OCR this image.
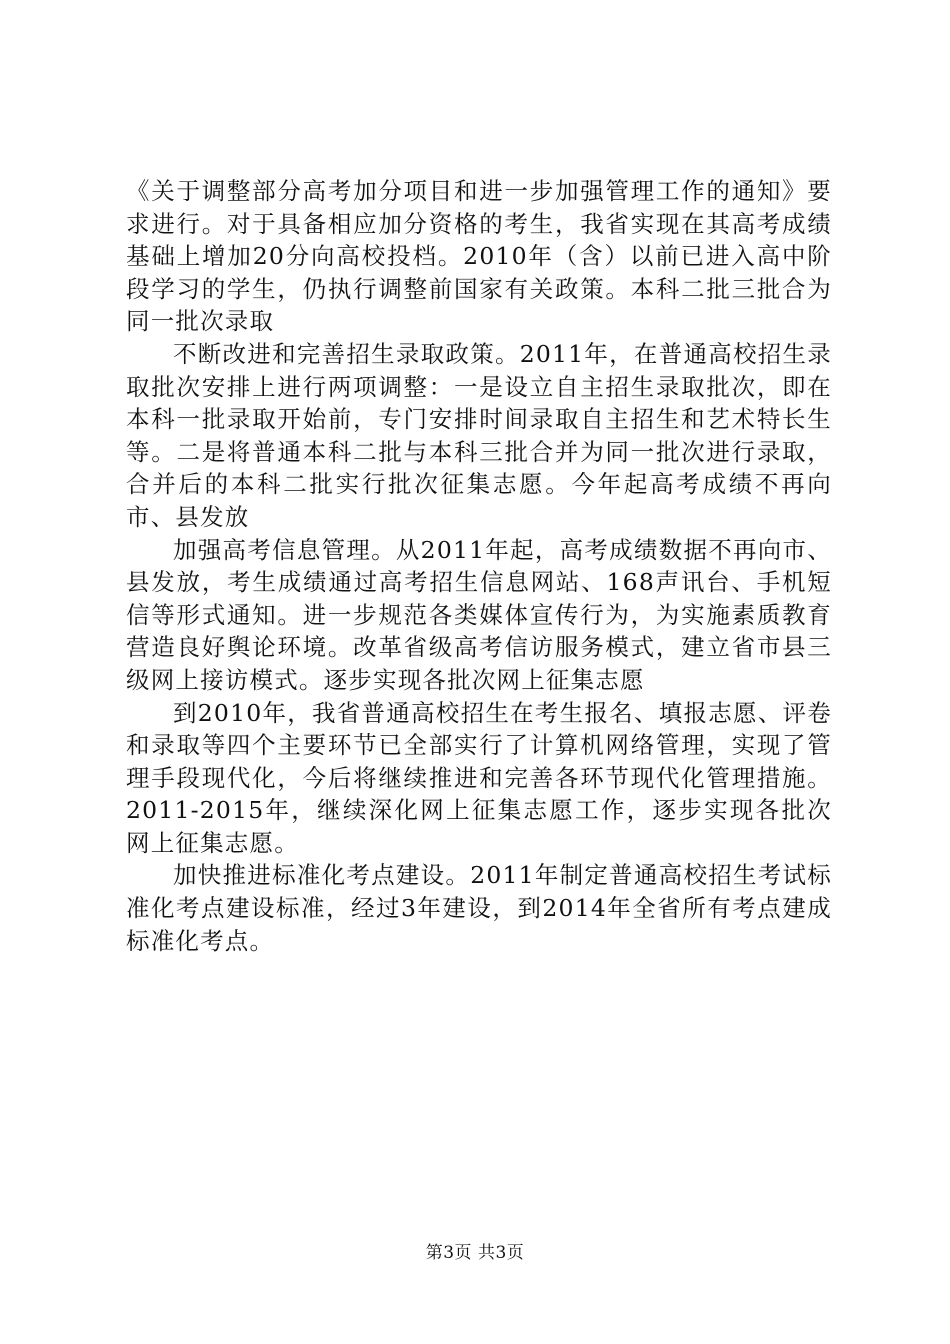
《关于调整部分高考加分项目和进一步加强管理工作的通知》要求进行。对于具备相应加分资格的考生，我省实现在其高考成绩基础上增加20分向高校投档。2010年（含）以前已进入高中阶段学习的学生，仍执行调整前国家有关政策。本科二批三批合为同一批次录取

不断改进和完善招生录取政策。2011年，在普通高校招生录取批次安排上进行两项调整：一是设立自主招生录取批次，即在本科一批录取开始前，专门安排时间录取自主招生和艺术特长生等。二是将普通本科二批与本科三批合并为同一批次进行录取，合并后的本科二批实行批次征集志愿。今年起高考成绩不再向市、县发放

加强高考信息管理。从2011年起，高考成绩数据不再向市、县发放，考生成绩通过高考招生信息网站、168声讯台、手机短信等形式通知。进一步规范各类媒体宣传行为，为实施素质教育营造良好舆论环境。改革省级高考信访服务模式，建立省市县三级网上接访模式。逐步实现各批次网上征集志愿

到2010年，我省普通高校招生在考生报名、填报志愿、评卷和录取等四个主要环节已全部实行了计算机网络管理，实现了管理手段现代化，今后将继续推进和完善各环节现代化管理措施。2011-2015年，继续深化网上征集志愿工作，逐步实现各批次网上征集志愿。

加快推进标准化考点建设。2011年制定普通高校招生考试标准化考点建设标准，经过3年建设，到2014年全省所有考点建成标准化考点。

第3页 共3页
